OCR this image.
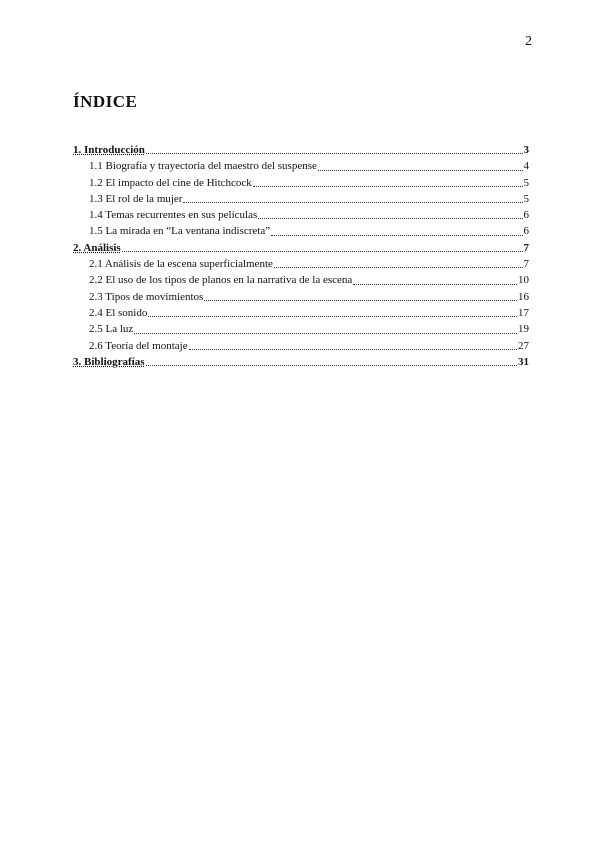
2
ÍNDICE
1. Introducción	3
1.1 Biografía y trayectoria del maestro del suspense	4
1.2 El impacto del cine de Hitchcock	5
1.3 El rol de la mujer	5
1.4 Temas recurrentes en sus películas	6
1.5 La mirada en “La ventana indiscreta”	6
2. Análisis	7
2.1 Análisis de la escena superficialmente	7
2.2 El uso de los tipos de planos en la narrativa de la escena	10
2.3 Tipos de movimientos	16
2.4 El sonido	17
2.5 La luz	19
2.6 Teoría del montaje	27
3. Bibliografías	31
